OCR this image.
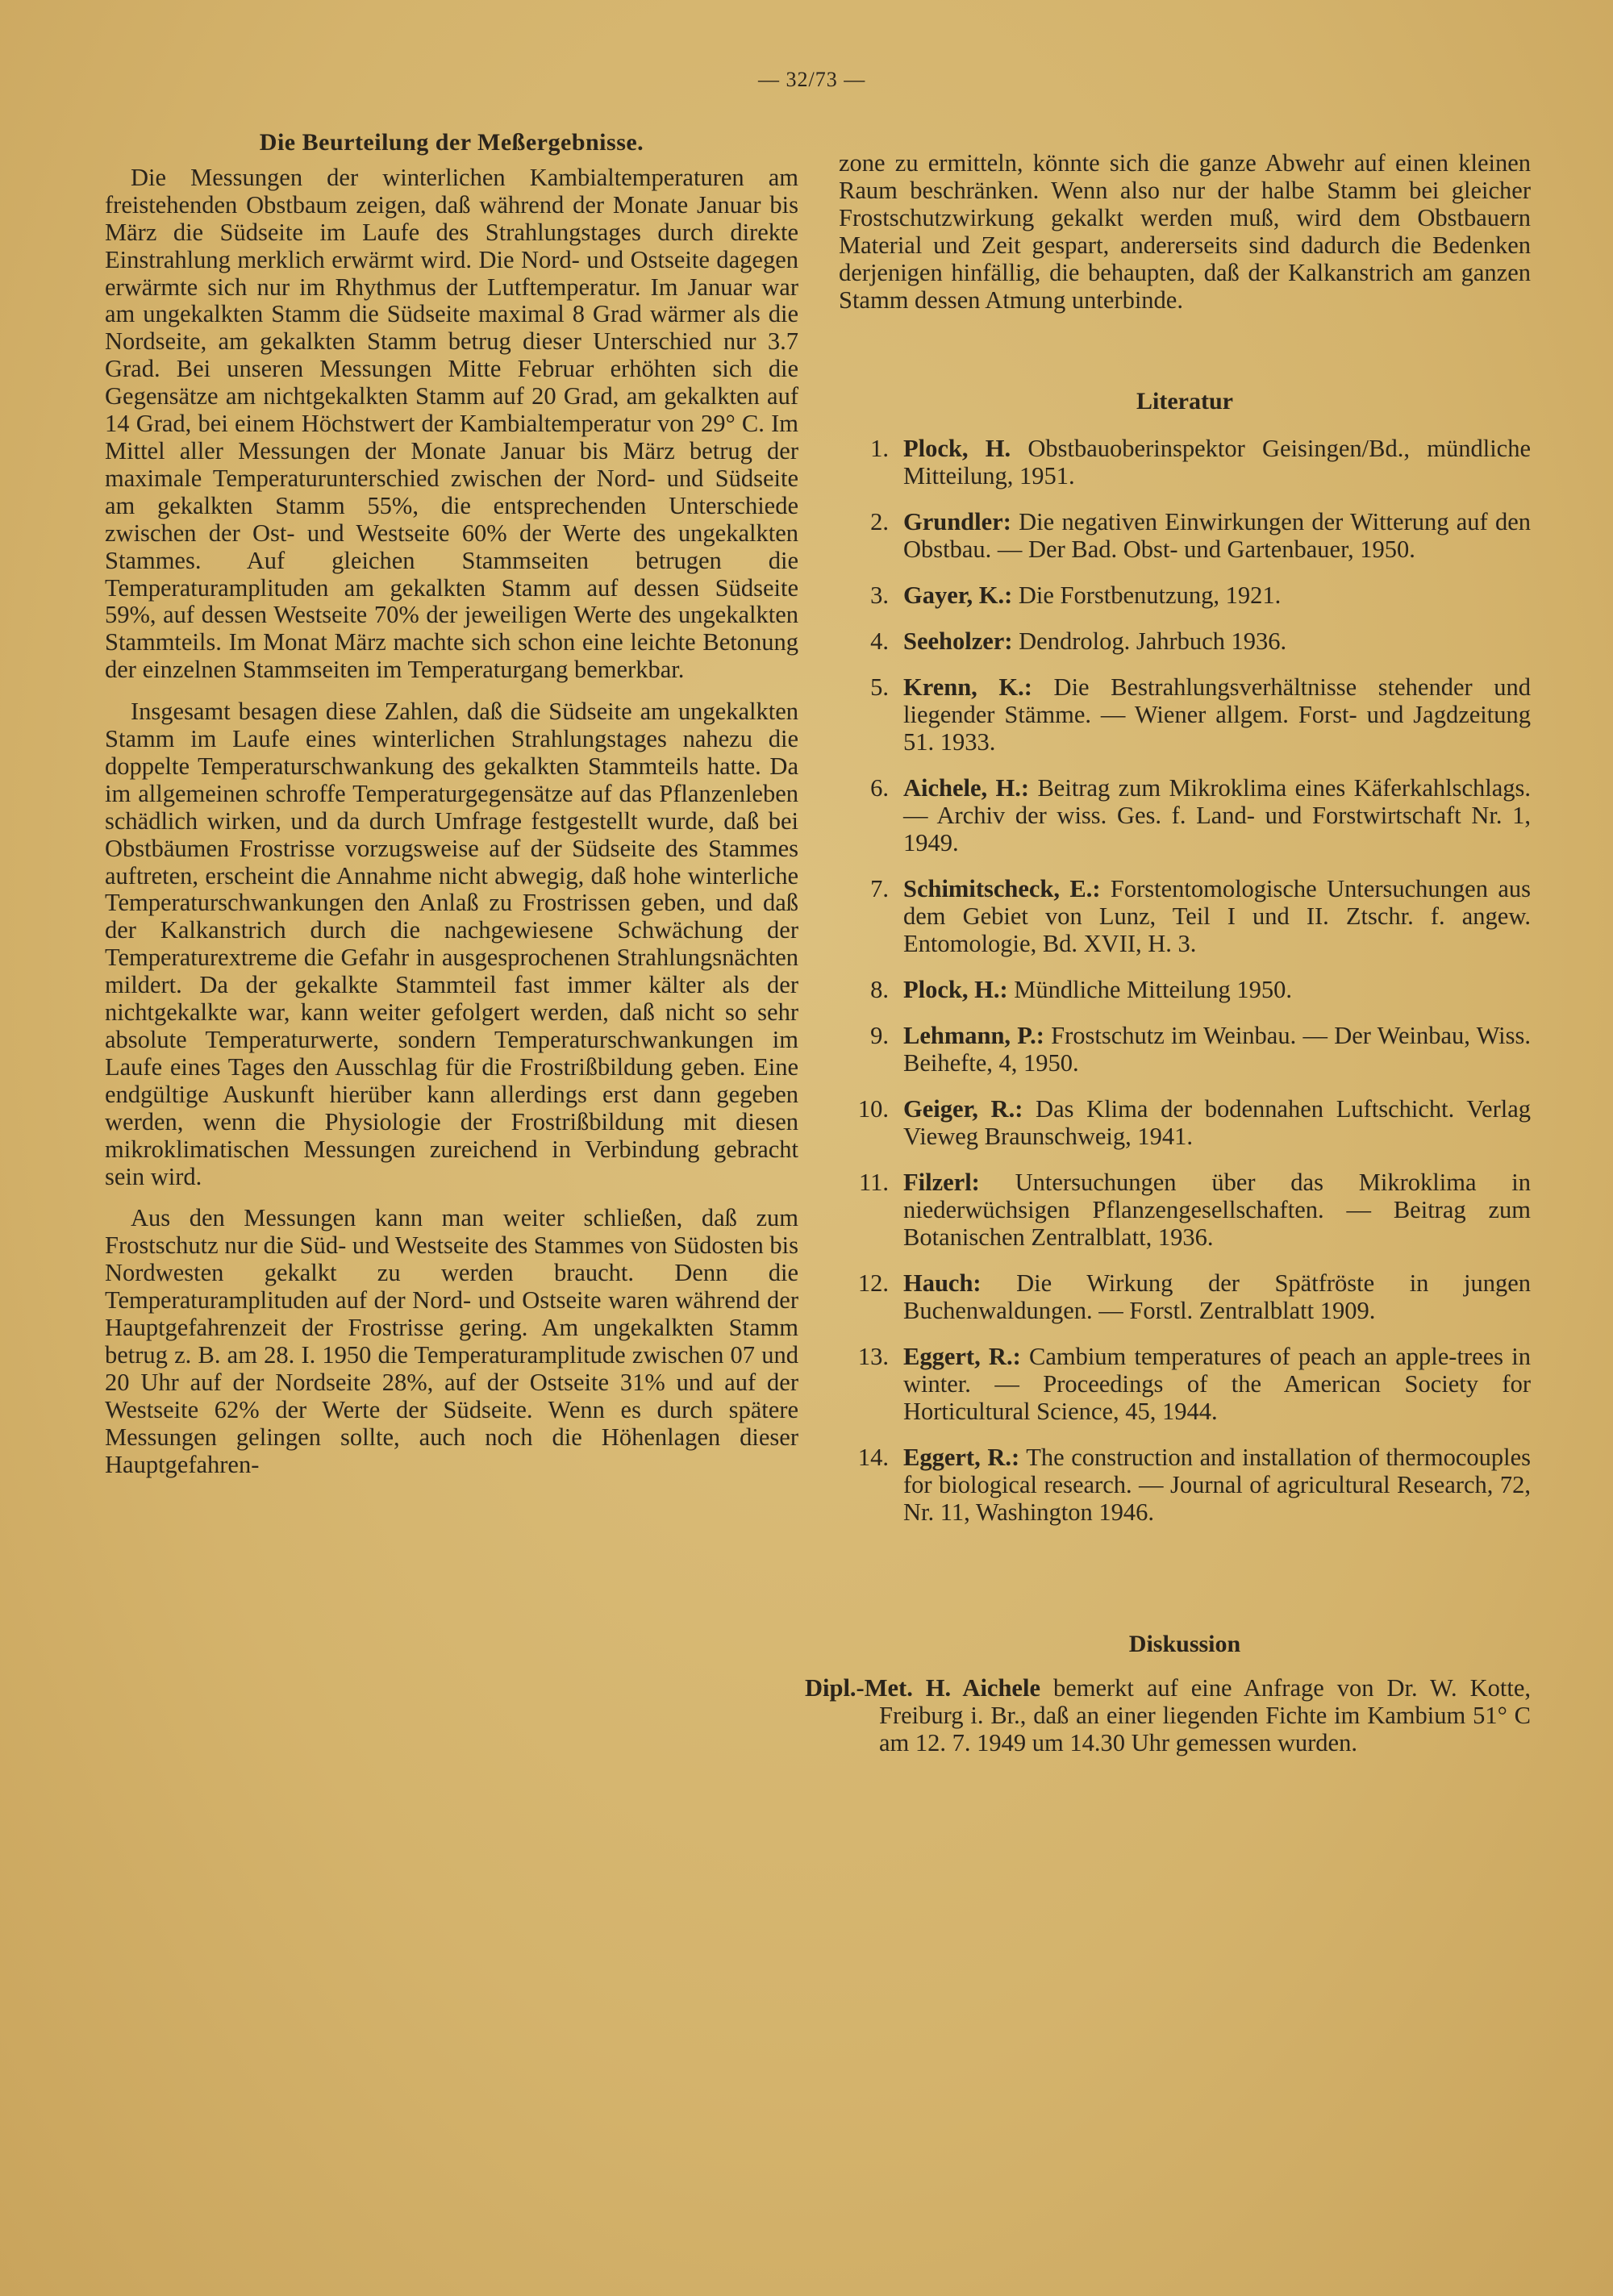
— 32/73 —
Die Beurteilung der Meßergebnisse.

Die Messungen der winterlichen Kambialtemperaturen am freistehenden Obstbaum zeigen, daß während der Monate Januar bis März die Südseite im Laufe des Strahlungstages durch direkte Einstrahlung merklich erwärmt wird. Die Nord- und Ostseite dagegen erwärmte sich nur im Rhythmus der Lutftemperatur. Im Januar war am ungekalkten Stamm die Südseite maximal 8 Grad wärmer als die Nordseite, am gekalkten Stamm betrug dieser Unterschied nur 3.7 Grad. Bei unseren Messungen Mitte Februar erhöhten sich die Gegensätze am nichtgekalkten Stamm auf 20 Grad, am gekalkten auf 14 Grad, bei einem Höchstwert der Kambialtemperatur von 29° C. Im Mittel aller Messungen der Monate Januar bis März betrug der maximale Temperaturunterschied zwischen der Nord- und Südseite am gekalkten Stamm 55%, die entsprechenden Unterschiede zwischen der Ost- und Westseite 60% der Werte des ungekalkten Stammes. Auf gleichen Stammseiten betrugen die Temperaturamplituden am gekalkten Stamm auf dessen Südseite 59%, auf dessen Westseite 70% der jeweiligen Werte des ungekalkten Stammteils. Im Monat März machte sich schon eine leichte Betonung der einzelnen Stammseiten im Temperaturgang bemerkbar.

Insgesamt besagen diese Zahlen, daß die Südseite am ungekalkten Stamm im Laufe eines winterlichen Strahlungstages nahezu die doppelte Temperaturschwankung des gekalkten Stammteils hatte. Da im allgemeinen schroffe Temperaturgegensätze auf das Pflanzenleben schädlich wirken, und da durch Umfrage festgestellt wurde, daß bei Obstbäumen Frostrisse vorzugsweise auf der Südseite des Stammes auftreten, erscheint die Annahme nicht abwegig, daß hohe winterliche Temperaturschwankungen den Anlaß zu Frostrissen geben, und daß der Kalkanstrich durch die nachgewiesene Schwächung der Temperaturextreme die Gefahr in ausgesprochenen Strahlungsnächten mildert. Da der gekalkte Stammteil fast immer kälter als der nichtgekalkte war, kann weiter gefolgert werden, daß nicht so sehr absolute Temperaturwerte, sondern Temperaturschwankungen im Laufe eines Tages den Ausschlag für die Frostrißbildung geben. Eine endgültige Auskunft hierüber kann allerdings erst dann gegeben werden, wenn die Physiologie der Frostrißbildung mit diesen mikroklimatischen Messungen zureichend in Verbindung gebracht sein wird.

Aus den Messungen kann man weiter schließen, daß zum Frostschutz nur die Süd- und Westseite des Stammes von Südosten bis Nordwesten gekalkt zu werden braucht. Denn die Temperaturamplituden auf der Nord- und Ostseite waren während der Hauptgefahrenzeit der Frostrisse gering. Am ungekalkten Stamm betrug z. B. am 28. I. 1950 die Temperaturamplitude zwischen 07 und 20 Uhr auf der Nordseite 28%, auf der Ostseite 31% und auf der Westseite 62% der Werte der Südseite. Wenn es durch spätere Messungen gelingen sollte, auch noch die Höhenlagen dieser Hauptgefahren-

zone zu ermitteln, könnte sich die ganze Abwehr auf einen kleinen Raum beschränken. Wenn also nur der halbe Stamm bei gleicher Frostschutzwirkung gekalkt werden muß, wird dem Obstbauern Material und Zeit gespart, andererseits sind dadurch die Bedenken derjenigen hinfällig, die behaupten, daß der Kalkanstrich am ganzen Stamm dessen Atmung unterbinde.

Literatur
1. Plock, H. Obstbauoberinspektor Geisingen/Bd., mündliche Mitteilung, 1951.
2. Grundler: Die negativen Einwirkungen der Witterung auf den Obstbau. — Der Bad. Obst- und Gartenbauer, 1950.
3. Gayer, K.: Die Forstbenutzung, 1921.
4. Seeholzer: Dendrolog. Jahrbuch 1936.
5. Krenn, K.: Die Bestrahlungsverhältnisse stehender und liegender Stämme. — Wiener allgem. Forst- und Jagdzeitung 51. 1933.
6. Aichele, H.: Beitrag zum Mikroklima eines Käferkahlschlags. — Archiv der wiss. Ges. f. Land- und Forstwirtschaft Nr. 1, 1949.
7. Schimitscheck, E.: Forstentomologische Untersuchungen aus dem Gebiet von Lunz, Teil I und II. Ztschr. f. angew. Entomologie, Bd. XVII, H. 3.
8. Plock, H.: Mündliche Mitteilung 1950.
9. Lehmann, P.: Frostschutz im Weinbau. — Der Weinbau, Wiss. Beihefte, 4, 1950.
10. Geiger, R.: Das Klima der bodennahen Luftschicht. Verlag Vieweg Braunschweig, 1941.
11. Filzerl: Untersuchungen über das Mikroklima in niederwüchsigen Pflanzengesellschaften. — Beitrag zum Botanischen Zentralblatt, 1936.
12. Hauch: Die Wirkung der Spätfröste in jungen Buchenwaldungen. — Forstl. Zentralblatt 1909.
13. Eggert, R.: Cambium temperatures of peach an apple-trees in winter. — Proceedings of the American Society for Horticultural Science, 45, 1944.
14. Eggert, R.: The construction and installation of thermocouples for biological research. — Journal of agricultural Research, 72, Nr. 11, Washington 1946.
Diskussion

Dipl.-Met. H. Aichele bemerkt auf eine Anfrage von Dr. W. Kotte, Freiburg i. Br., daß an einer liegenden Fichte im Kambium 51° C am 12. 7. 1949 um 14.30 Uhr gemessen wurden.
